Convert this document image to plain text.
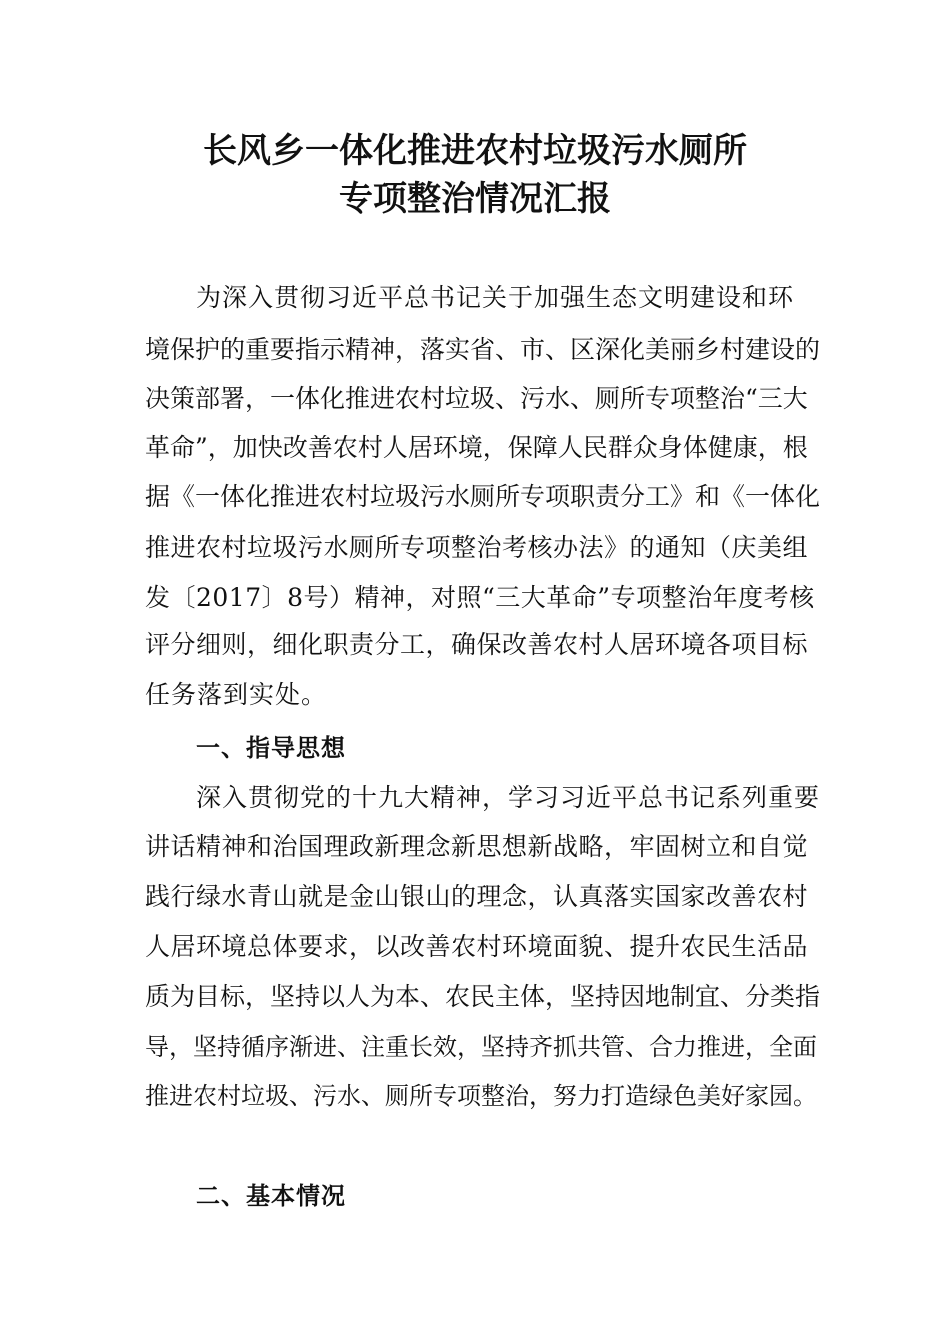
长风乡一体化推进农村垃圾污水厕所
专项整治情况汇报
为深入贯彻习近平总书记关于加强生态文明建设和环
境保护的重要指示精神，落实省、市、区深化美丽乡村建设的
决策部署，一体化推进农村垃圾、污水、厕所专项整治“三大
革命”，加快改善农村人居环境，保障人民群众身体健康，根
据《一体化推进农村垃圾污水厕所专项职责分工》和《一体化
推进农村垃圾污水厕所专项整治考核办法》的通知（庆美组
发〔2017〕8号）精神，对照“三大革命”专项整治年度考核
评分细则，细化职责分工，确保改善农村人居环境各项目标
任务落到实处。
一、指导思想
深入贯彻党的十九大精神，学习习近平总书记系列重要
讲话精神和治国理政新理念新思想新战略，牢固树立和自觉
践行绿水青山就是金山银山的理念，认真落实国家改善农村
人居环境总体要求，以改善农村环境面貌、提升农民生活品
质为目标，坚持以人为本、农民主体，坚持因地制宜、分类指
导，坚持循序渐进、注重长效，坚持齐抓共管、合力推进，全面
推进农村垃圾、污水、厕所专项整治，努力打造绿色美好家园。
二、基本情况
